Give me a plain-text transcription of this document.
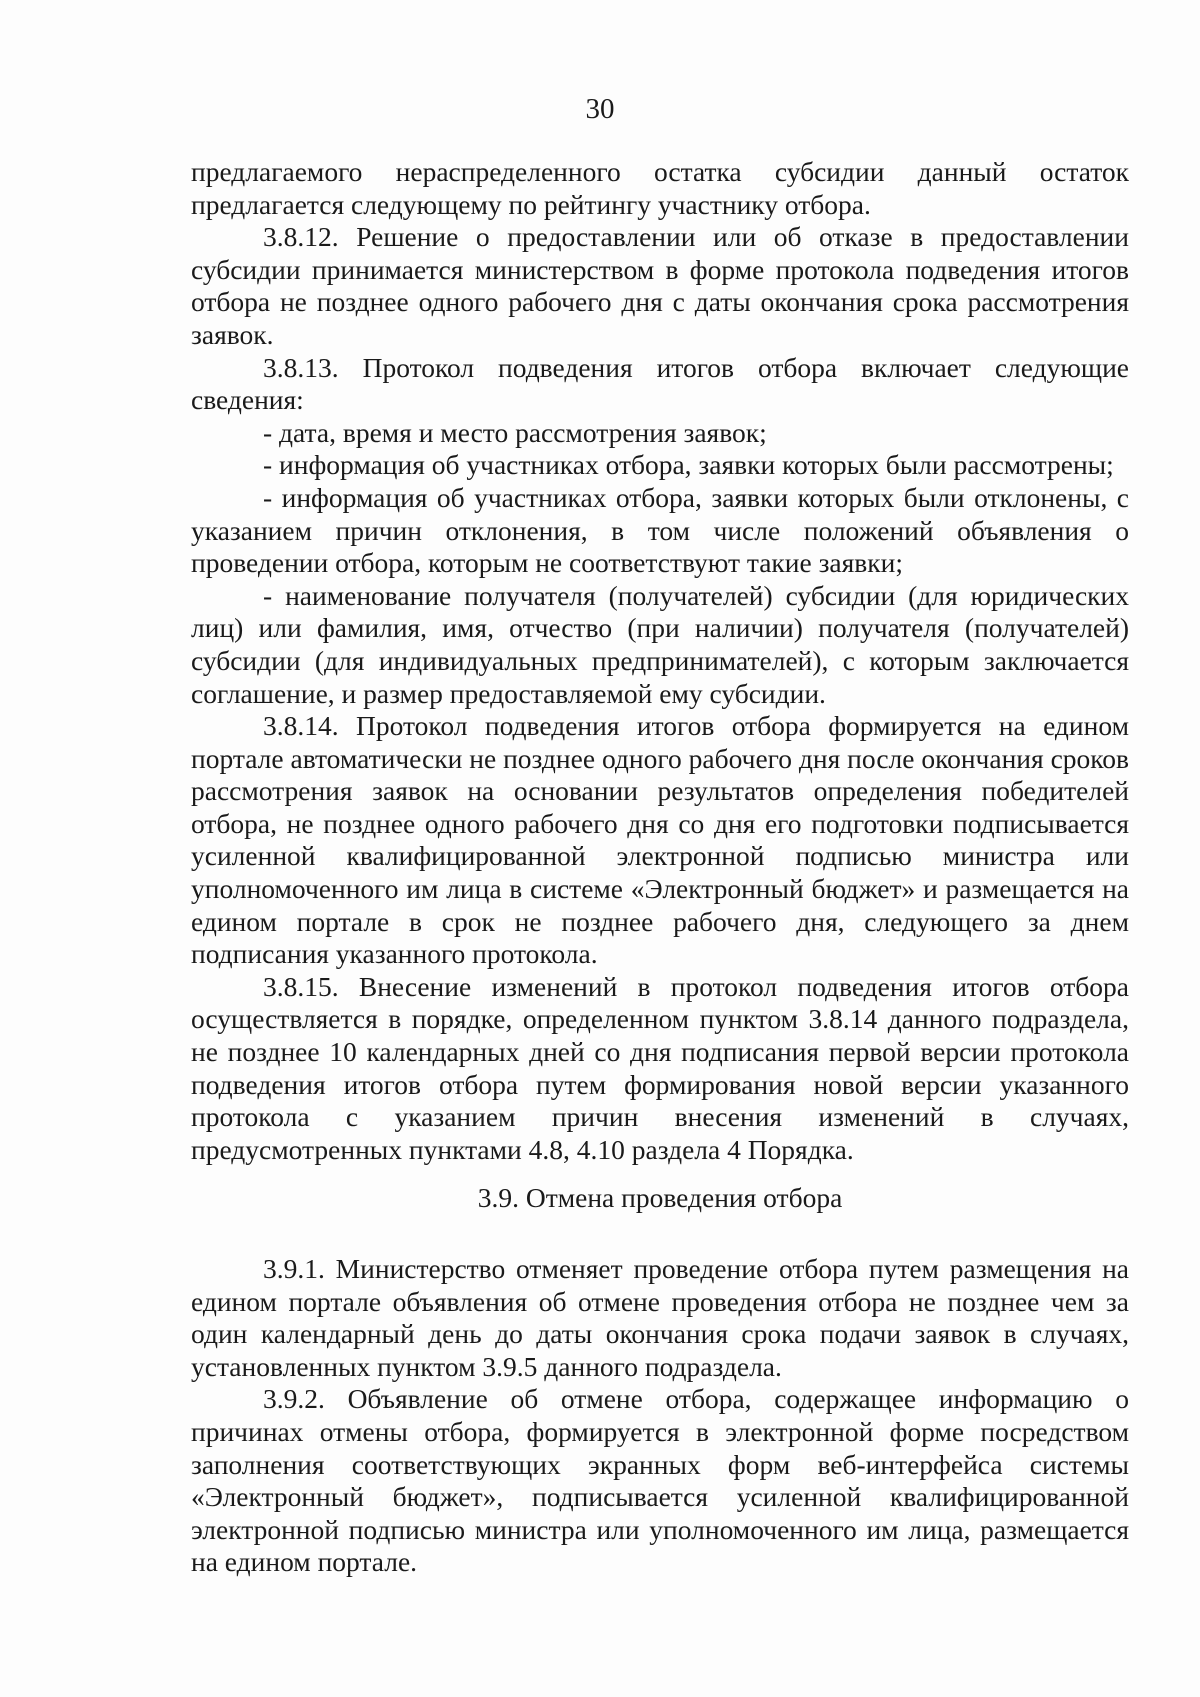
30

предлагаемого нераспределенного остатка субсидии данный остаток предлагается следующему по рейтингу участнику отбора.

3.8.12. Решение о предоставлении или об отказе в предоставлении субсидии принимается министерством в форме протокола подведения итогов отбора не позднее одного рабочего дня с даты окончания срока рассмотрения заявок.

3.8.13. Протокол подведения итогов отбора включает следующие сведения:

- дата, время и место рассмотрения заявок;

- информация об участниках отбора, заявки которых были рассмотрены;

- информация об участниках отбора, заявки которых были отклонены, с указанием причин отклонения, в том числе положений объявления о проведении отбора, которым не соответствуют такие заявки;

- наименование получателя (получателей) субсидии (для юридических лиц) или фамилия, имя, отчество (при наличии) получателя (получателей) субсидии (для индивидуальных предпринимателей), с которым заключается соглашение, и размер предоставляемой ему субсидии.

3.8.14. Протокол подведения итогов отбора формируется на едином портале автоматически не позднее одного рабочего дня после окончания сроков рассмотрения заявок на основании результатов определения победителей отбора, не позднее одного рабочего дня со дня его подготовки подписывается усиленной квалифицированной электронной подписью министра или уполномоченного им лица в системе «Электронный бюджет» и размещается на едином портале в срок не позднее рабочего дня, следующего за днем подписания указанного протокола.

3.8.15. Внесение изменений в протокол подведения итогов отбора осуществляется в порядке, определенном пунктом 3.8.14 данного подраздела, не позднее 10 календарных дней со дня подписания первой версии протокола подведения итогов отбора путем формирования новой версии указанного протокола с указанием причин внесения изменений в случаях, предусмотренных пунктами 4.8, 4.10 раздела 4 Порядка.

3.9. Отмена проведения отбора

3.9.1. Министерство отменяет проведение отбора путем размещения на едином портале объявления об отмене проведения отбора не позднее чем за один календарный день до даты окончания срока подачи заявок в случаях, установленных пунктом 3.9.5 данного подраздела.

3.9.2. Объявление об отмене отбора, содержащее информацию о причинах отмены отбора, формируется в электронной форме посредством заполнения соответствующих экранных форм веб-интерфейса системы «Электронный бюджет», подписывается усиленной квалифицированной электронной подписью министра или уполномоченного им лица, размещается на едином портале.
